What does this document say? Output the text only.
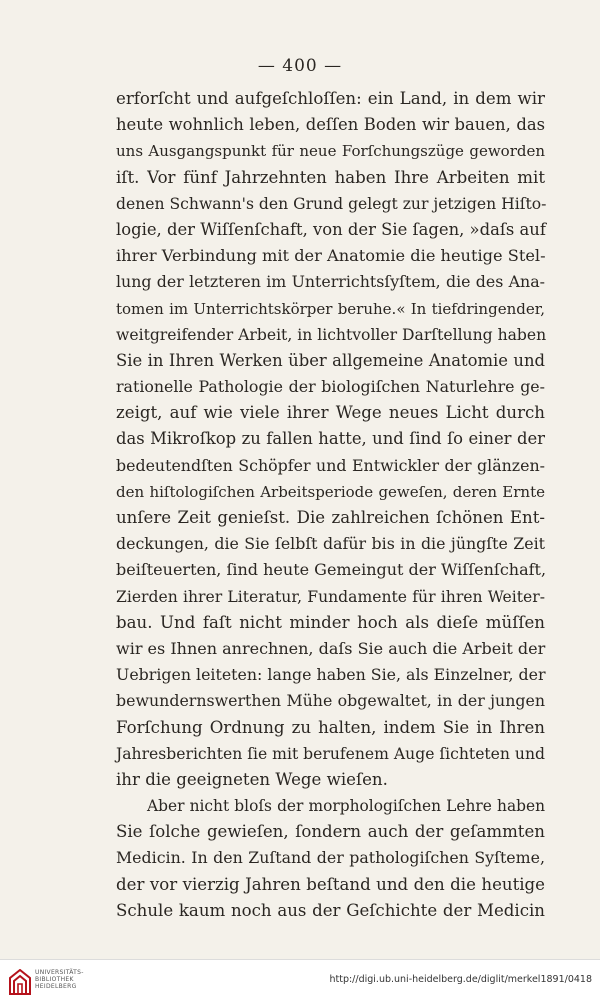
— 400 —
erforſcht und aufgeſchloſſen: ein Land, in dem wir
heute wohnlich leben, deſſen Boden wir bauen, das
uns Ausgangspunkt für neue Forſchungszüge geworden
iſt. Vor fünf Jahrzehnten haben Ihre Arbeiten mit
denen Schwann's den Grund gelegt zur jetzigen Hiſto-
logie, der Wiſſenſchaft, von der Sie ſagen, »daſs auf
ihrer Verbindung mit der Anatomie die heutige Stel-
lung der letzteren im Unterrichtsſyſtem, die des Ana-
tomen im Unterrichtskörper beruhe.« In tiefdringender,
weitgreifender Arbeit, in lichtvoller Darſtellung haben
Sie in Ihren Werken über allgemeine Anatomie und
rationelle Pathologie der biologiſchen Naturlehre ge-
zeigt, auf wie viele ihrer Wege neues Licht durch
das Mikroſkop zu fallen hatte, und ſind ſo einer der
bedeutendſten Schöpfer und Entwickler der glänzen-
den hiſtologiſchen Arbeitsperiode geweſen, deren Ernte
unſere Zeit genieſst. Die zahlreichen ſchönen Ent-
deckungen, die Sie ſelbſt dafür bis in die jüngſte Zeit
beiſteuerten, ſind heute Gemeingut der Wiſſenſchaft,
Zierden ihrer Literatur, Fundamente für ihren Weiter-
bau. Und faſt nicht minder hoch als dieſe müſſen
wir es Ihnen anrechnen, daſs Sie auch die Arbeit der
Uebrigen leiteten: lange haben Sie, als Einzelner, der
bewundernswerthen Mühe obgewaltet, in der jungen
Forſchung Ordnung zu halten, indem Sie in Ihren
Jahresberichten ſie mit berufenem Auge ſichteten und
ihr die geeigneten Wege wieſen.
Aber nicht bloſs der morphologiſchen Lehre haben
Sie ſolche gewieſen, ſondern auch der geſammten
Medicin. In den Zuſtand der pathologiſchen Syſteme,
der vor vierzig Jahren beſtand und den die heutige
Schule kaum noch aus der Geſchichte der Medicin
UNIVERSITÄTS-
BIBLIOTHEK
HEIDELBERG
http://digi.ub.uni-heidelberg.de/diglit/merkel1891/0418
